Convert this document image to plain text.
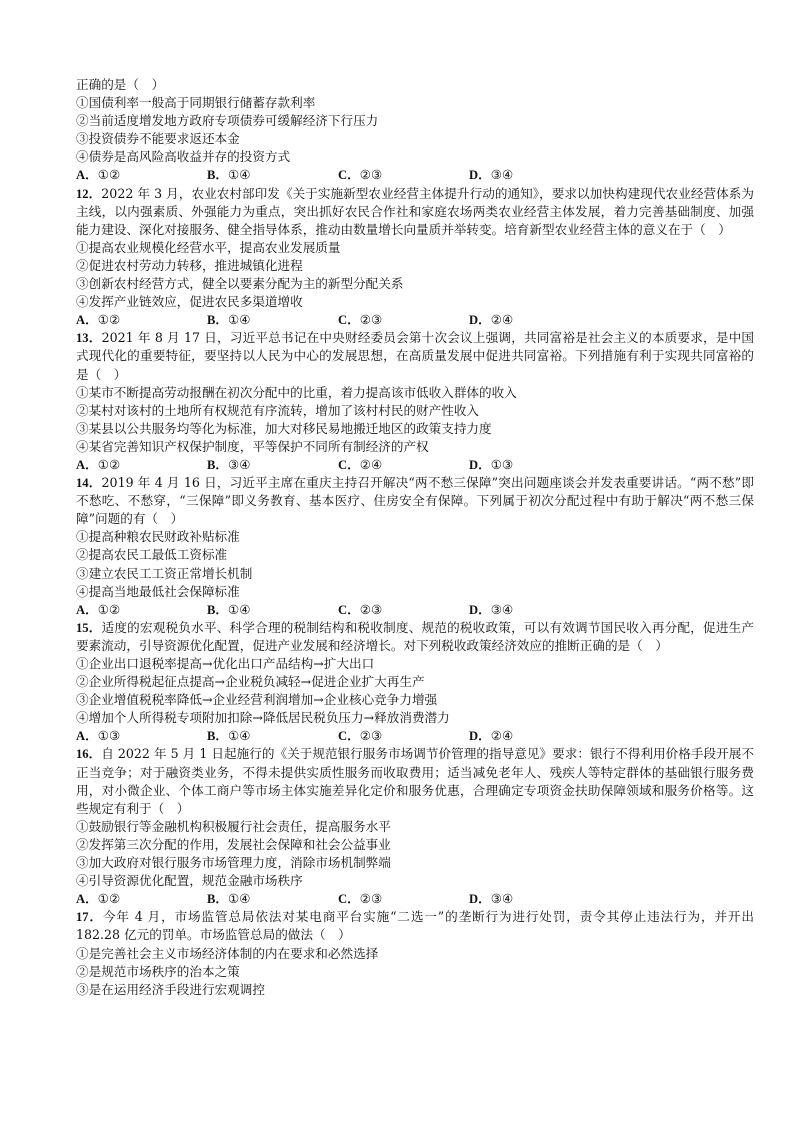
正确的是（　）
①国债利率一般高于同期银行储蓄存款利率
②当前适度增发地方政府专项债券可缓解经济下行压力
③投资债券不能要求返还本金
④债券是高风险高收益并存的投资方式
A．①②	B．①④	C．②③	D．③④
12．2022 年 3 月，农业农村部印发《关于实施新型农业经营主体提升行动的通知》，要求以加快构建现代农业经营体系为主线，以内强素质、外强能力为重点，突出抓好农民合作社和家庭农场两类农业经营主体发展，着力完善基础制度、加强能力建设、深化对接服务、健全指导体系，推动由数量增长向量质并举转变。培育新型农业经营主体的意义在于（　）
①提高农业规模化经营水平，提高农业发展质量
②促进农村劳动力转移，推进城镇化进程
③创新农村经营方式，健全以要素分配为主的新型分配关系
④发挥产业链效应，促进农民多渠道增收
A．①②	B．①④	C．②③	D．②④
13．2021 年 8 月 17 日，习近平总书记在中央财经委员会第十次会议上强调，共同富裕是社会主义的本质要求，是中国式现代化的重要特征，要坚持以人民为中心的发展思想，在高质量发展中促进共同富裕。下列措施有利于实现共同富裕的是（　）
①某市不断提高劳动报酬在初次分配中的比重，着力提高该市低收入群体的收入
②某村对该村的土地所有权规范有序流转，增加了该村村民的财产性收入
③某县以公共服务均等化为标准，加大对移民易地搬迁地区的政策支持力度
④某省完善知识产权保护制度，平等保护不同所有制经济的产权
A．①②	B．③④	C．②④	D．①③
14．2019 年 4 月 16 日，习近平主席在重庆主持召开解决“两不愁三保障”突出问题座谈会并发表重要讲话。“两不愁”即不愁吃、不愁穿，“三保障”即义务教育、基本医疗、住房安全有保障。下列属于初次分配过程中有助于解决“两不愁三保障”问题的有（　）
①提高种粮农民财政补贴标准
②提高农民工最低工资标准
③建立农民工工资正常增长机制
④提高当地最低社会保障标准
A．①②	B．①④	C．②③	D．③④
15．适度的宏观税负水平、科学合理的税制结构和税收制度、规范的税收政策，可以有效调节国民收入再分配，促进生产要素流动，引导资源优化配置，促进产业发展和经济增长。对下列税收政策经济效应的推断正确的是（　）
①企业出口退税率提高→优化出口产品结构→扩大出口
②企业所得税起征点提高→企业税负减轻→促进企业扩大再生产
③企业增值税税率降低→企业经营利润增加→企业核心竞争力增强
④增加个人所得税专项附加扣除→降低居民税负压力→释放消费潜力
A．①③	B．①④	C．②③	D．②④
16．自 2022 年 5 月 1 日起施行的《关于规范银行服务市场调节价管理的指导意见》要求：银行不得利用价格手段开展不正当竞争；对于融资类业务，不得未提供实质性服务而收取费用；适当减免老年人、残疾人等特定群体的基础银行服务费用，对小微企业、个体工商户等市场主体实施差异化定价和服务优惠，合理确定专项资金扶助保障领域和服务价格等。这些规定有利于（　）
①鼓励银行等金融机构积极履行社会责任，提高服务水平
②发挥第三次分配的作用，发展社会保障和社会公益事业
③加大政府对银行服务市场管理力度，消除市场机制弊端
④引导资源优化配置，规范金融市场秩序
A．①②	B．①④	C．②③	D．③④
17．今年 4 月，市场监管总局依法对某电商平台实施“二选一”的垄断行为进行处罚，责令其停止违法行为，并开出 182.28 亿元的罚单。市场监管总局的做法（　）
①是完善社会主义市场经济体制的内在要求和必然选择
②是规范市场秩序的治本之策
③是在运用经济手段进行宏观调控
